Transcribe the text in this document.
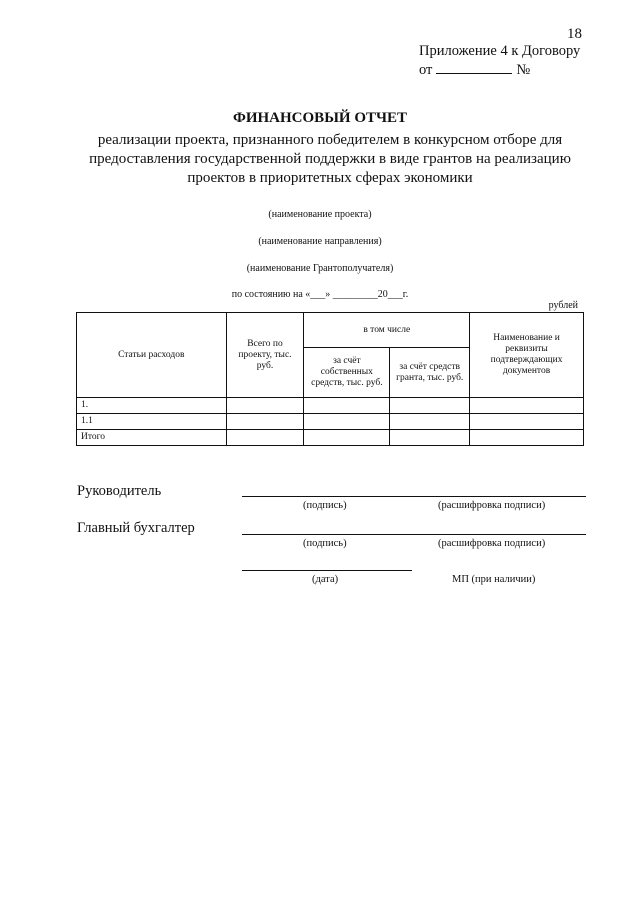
18
Приложение 4 к Договору
от	№
ФИНАНСОВЫЙ ОТЧЕТ
реализации проекта, признанного победителем в конкурсном отборе для
предоставления государственной поддержки в виде грантов на реализацию
проектов в приоритетных сферах экономики
(наименование проекта)
(наименование направления)
(наименование Грантополучателя)
по состоянию на «___» _________20___г.
рублей
Статьи расходов	Всего по проекту, тыс. руб.	в том числе		Наименование и реквизиты подтверждающих документов
		за счёт собственных средств, тыс. руб.	за счёт средств гранта, тыс. руб.	
1.				
1.1				
Итого				
Руководитель
(подпись)	(расшифровка подписи)
Главный бухгалтер
(подпись)	(расшифровка подписи)
(дата)	МП (при наличии)
